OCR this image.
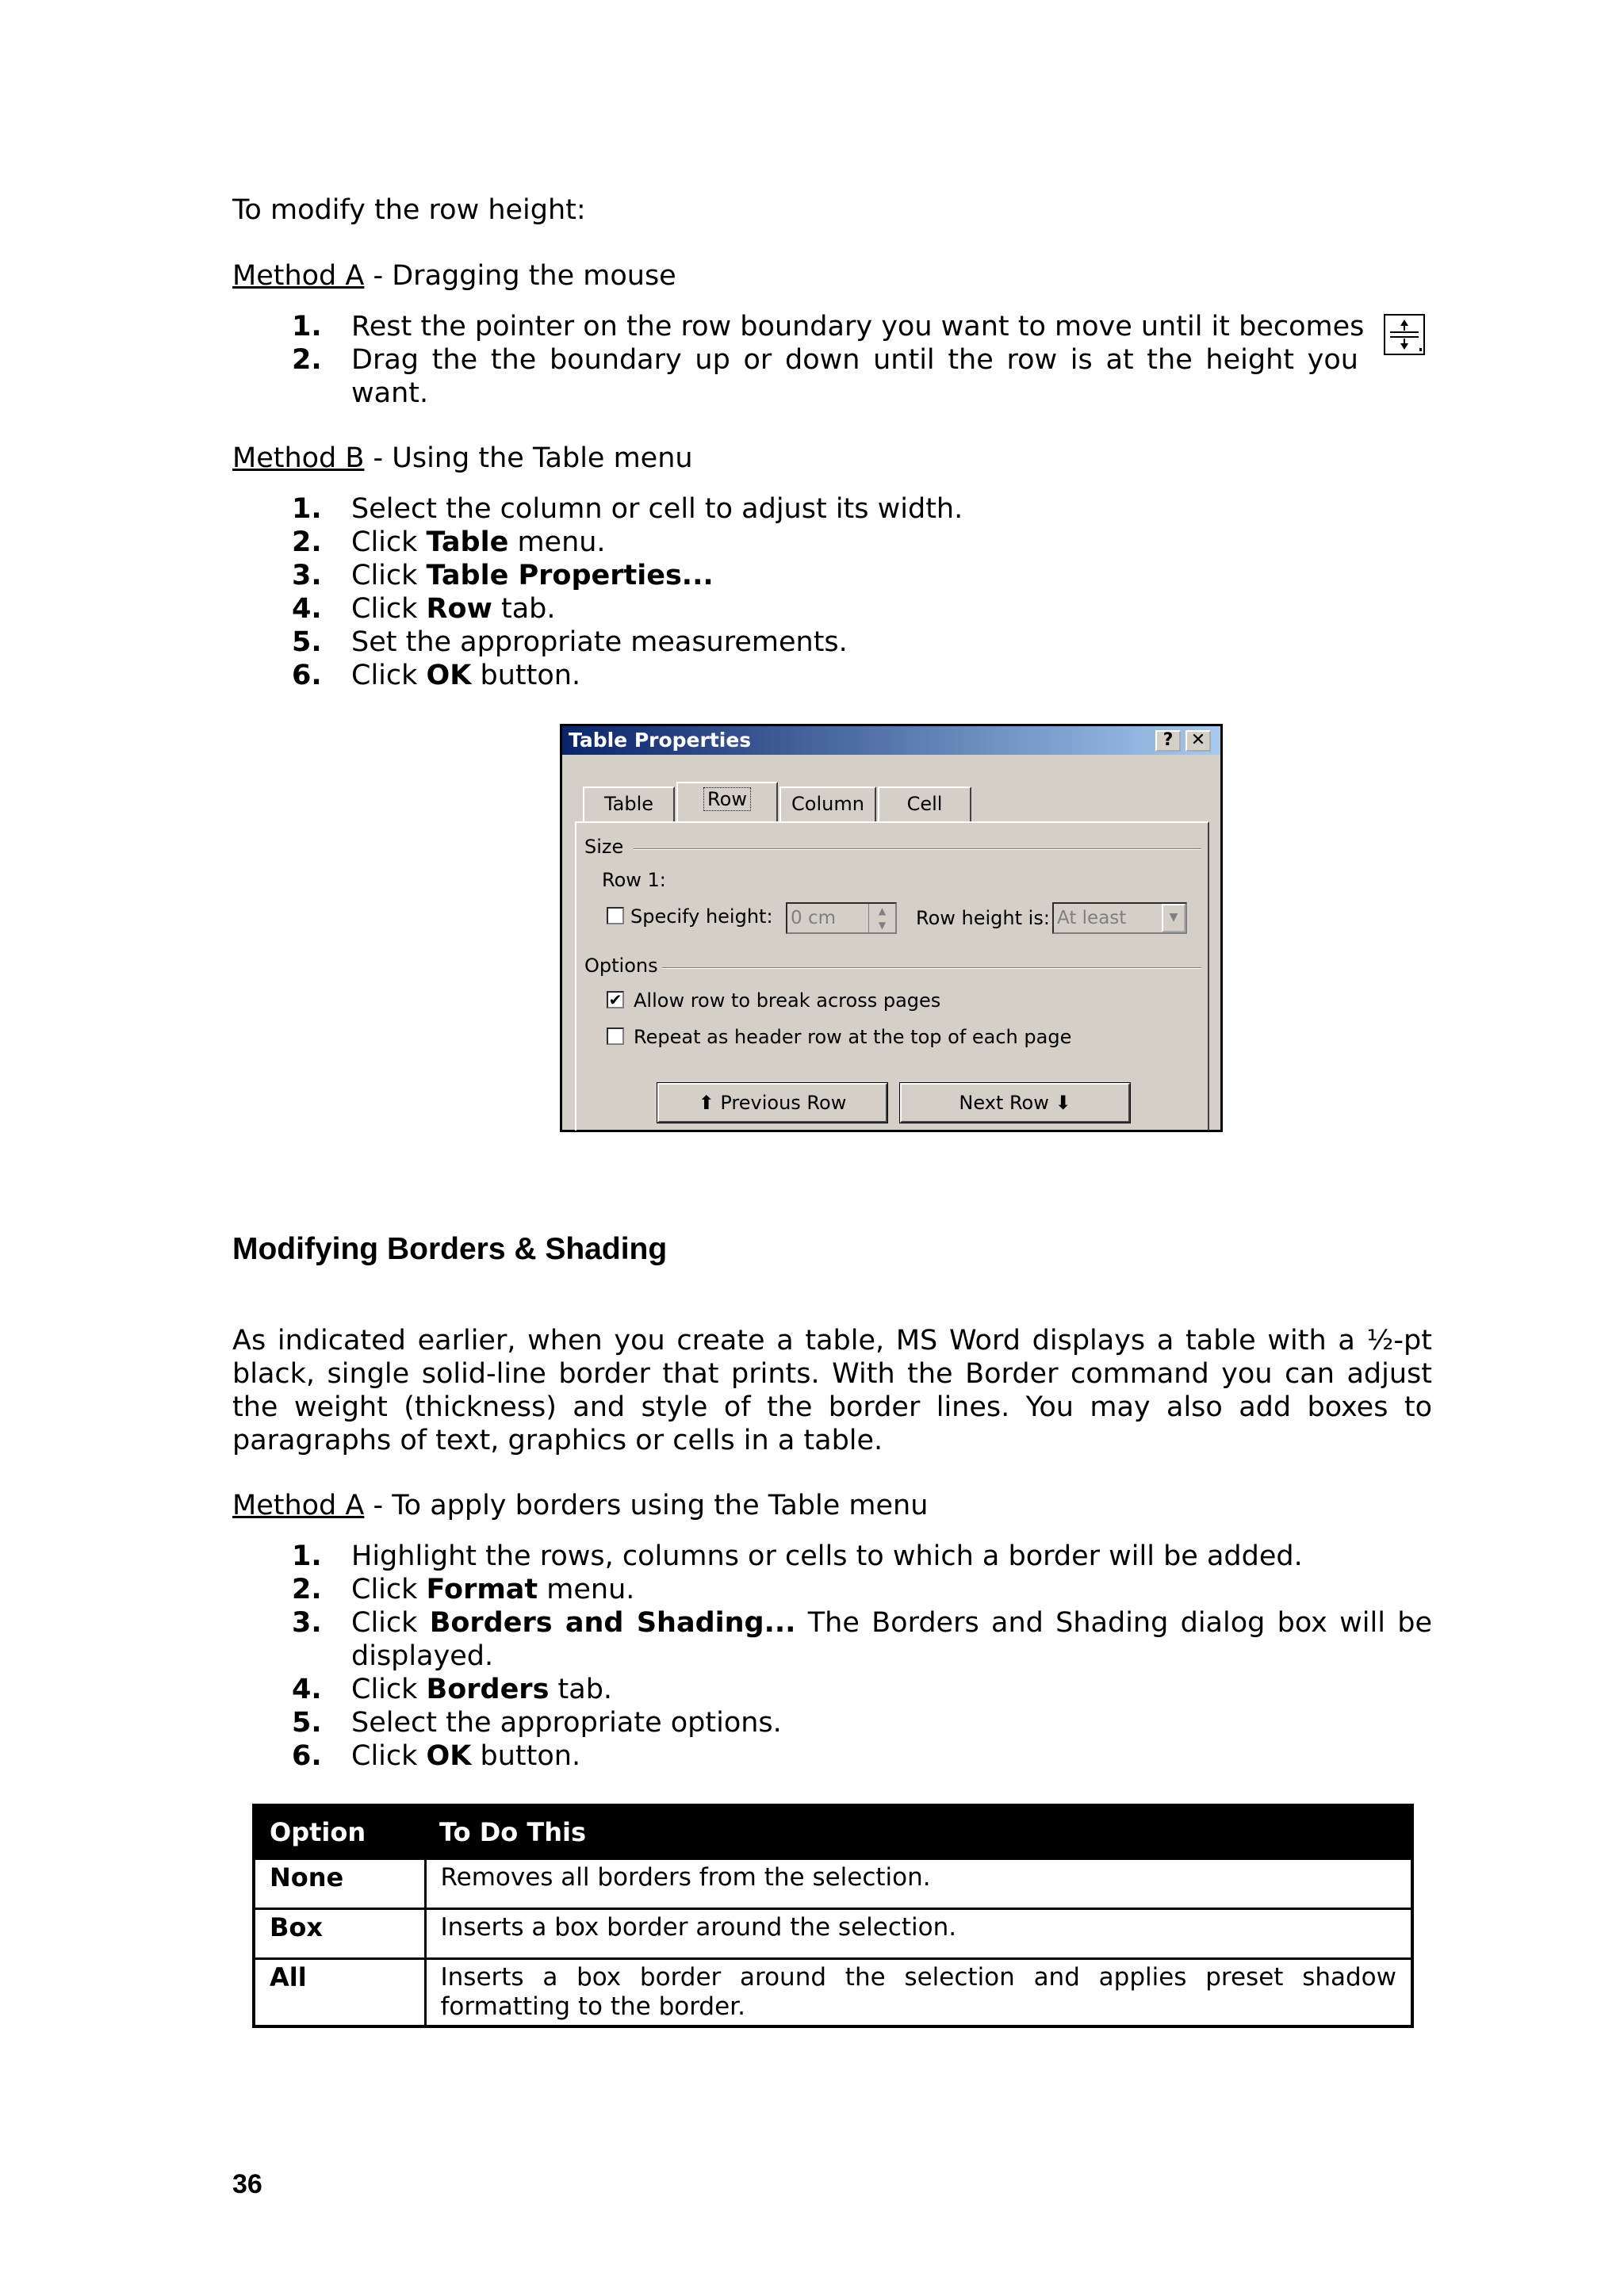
To modify the row height:
Method A - Dragging the mouse
1.	Rest the pointer on the row boundary you want to move until it becomes
2.	Drag the the boundary up or down until the row is at the height you
want.
Method B - Using the Table menu
1.	Select the column or cell to adjust its width.
2.	Click Table menu.
3.	Click Table Properties...
4.	Click Row tab.
5.	Set the appropriate measurements.
6.	Click OK button.
Table Properties	?	✕
Table	Row	Column	Cell
Size
Row 1:
Specify height: 0 cm	▲
▼	Row height is: At least	▼
Options
✔ Allow row to break across pages
Repeat as header row at the top of each page
⬆ Previous Row	Next Row ⬇
Modifying Borders & Shading
As indicated earlier, when you create a table, MS Word displays a table with a ½-pt
black, single solid-line border that prints. With the Border command you can adjust
the weight (thickness) and style of the border lines. You may also add boxes to
paragraphs of text, graphics or cells in a table.
Method A - To apply borders using the Table menu
1.	Highlight the rows, columns or cells to which a border will be added.
2.	Click Format menu.
3.	Click Borders and Shading... The Borders and Shading dialog box will be
displayed.
4.	Click Borders tab.
5.	Select the appropriate options.
6.	Click OK button.
Option	To Do This
None	Removes all borders from the selection.
Box	Inserts a box border around the selection.
All	Inserts a box border around the selection and applies preset shadow
formatting to the border.
36
